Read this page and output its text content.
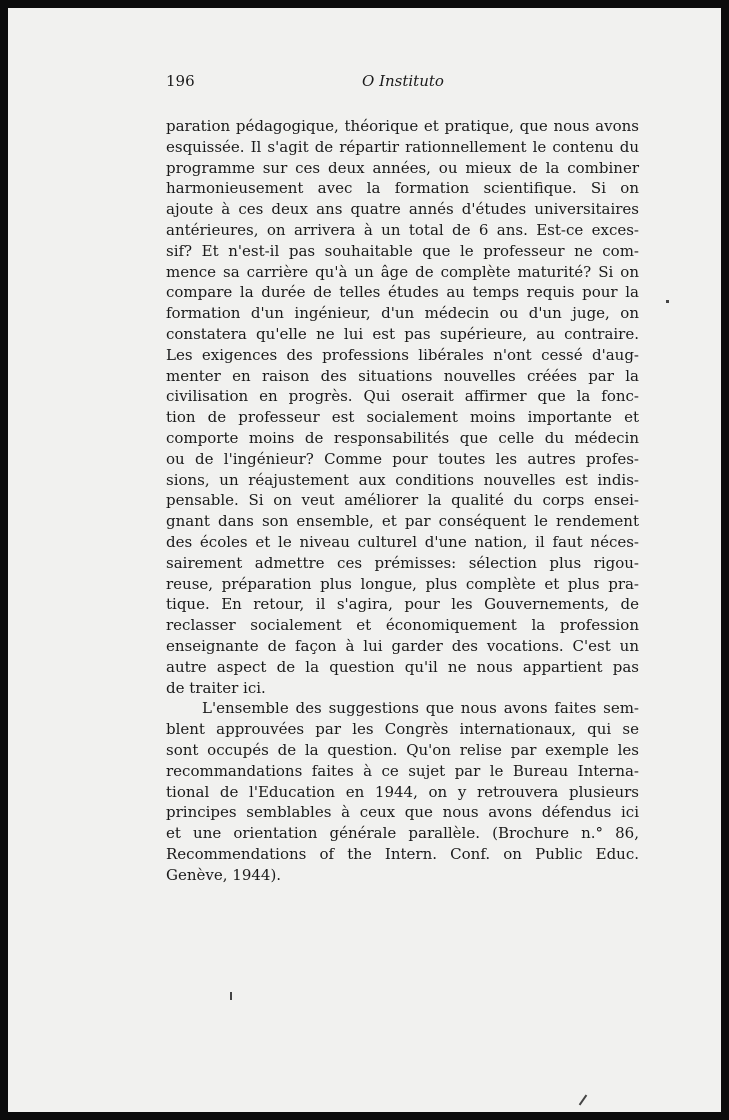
196	O Instituto
paration pédagogique, théorique et pratique, que nous avons
esquissée. Il s'agit de répartir rationnellement le contenu du
programme sur ces deux années, ou mieux de la combiner
harmonieusement avec la formation scientifique. Si on
ajoute à ces deux ans quatre annés d'études universitaires
antérieures, on arrivera à un total de 6 ans. Est-ce exces-
sif? Et n'est-il pas souhaitable que le professeur ne com-
mence sa carrière qu'à un âge de complète maturité? Si on
compare la durée de telles études au temps requis pour la
formation d'un ingénieur, d'un médecin ou d'un juge, on
constatera qu'elle ne lui est pas supérieure, au contraire.
Les exigences des professions libérales n'ont cessé d'aug-
menter en raison des situations nouvelles créées par la
civilisation en progrès. Qui oserait affirmer que la fonc-
tion de professeur est socialement moins importante et
comporte moins de responsabilités que celle du médecin
ou de l'ingénieur? Comme pour toutes les autres profes-
sions, un réajustement aux conditions nouvelles est indis-
pensable. Si on veut améliorer la qualité du corps ensei-
gnant dans son ensemble, et par conséquent le rendement
des écoles et le niveau culturel d'une nation, il faut néces-
sairement admettre ces prémisses: sélection plus rigou-
reuse, préparation plus longue, plus complète et plus pra-
tique. En retour, il s'agira, pour les Gouvernements, de
reclasser socialement et économiquement la profession
enseignante de façon à lui garder des vocations. C'est un
autre aspect de la question qu'il ne nous appartient pas
de traiter ici.
L'ensemble des suggestions que nous avons faites sem-
blent approuvées par les Congrès internationaux, qui se
sont occupés de la question. Qu'on relise par exemple les
recommandations faites à ce sujet par le Bureau Interna-
tional de l'Education en 1944, on y retrouvera plusieurs
principes semblables à ceux que nous avons défendus ici
et une orientation générale parallèle. (Brochure n.° 86,
Recommendations of the Intern. Conf. on Public Educ.
Genève, 1944).
